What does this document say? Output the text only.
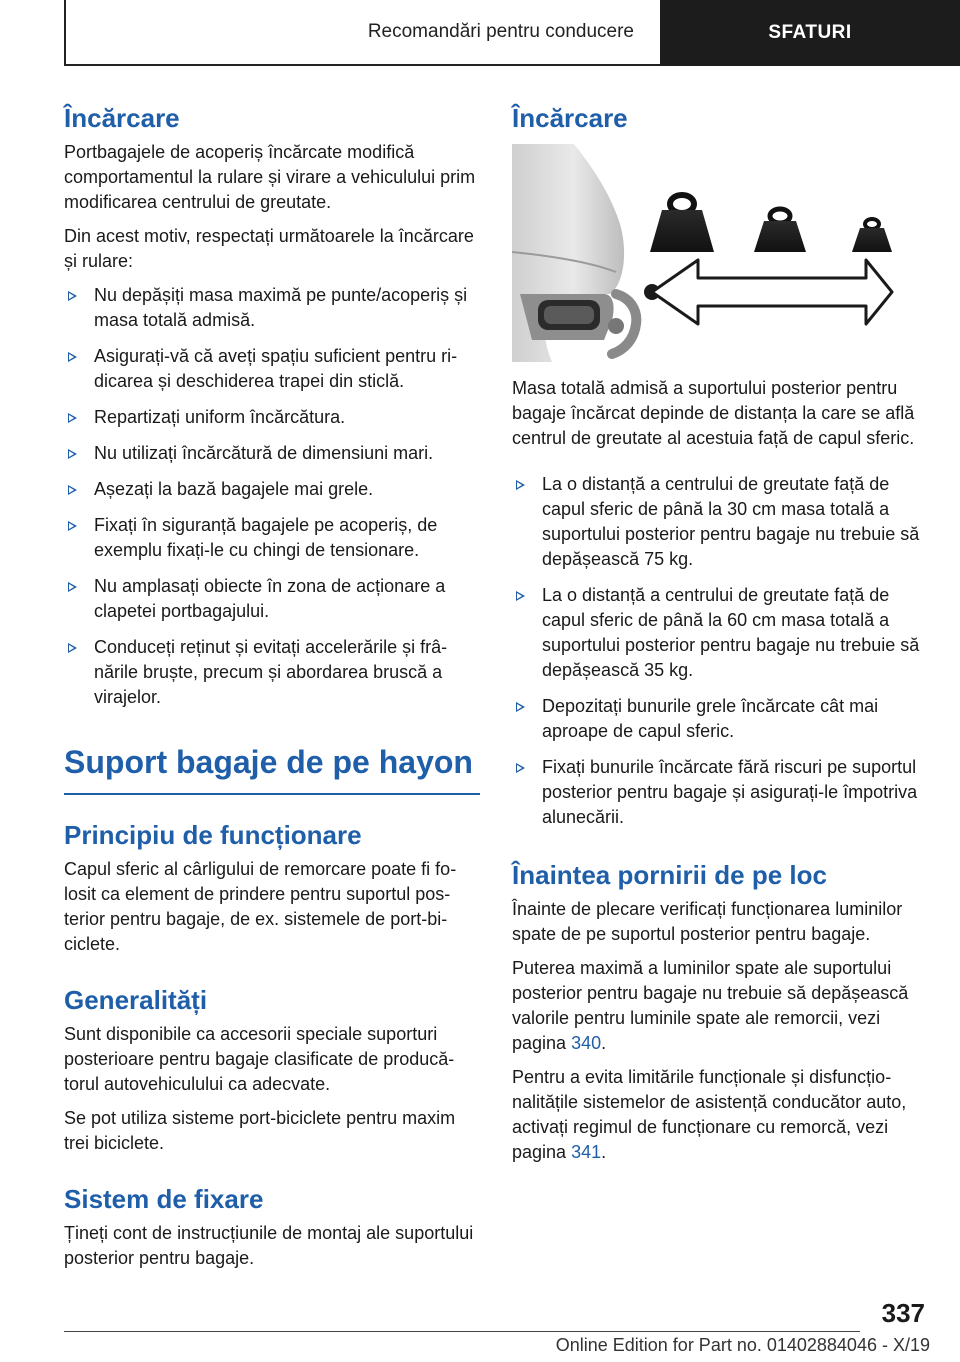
Recomandări pentru conducere	SFATURI
Încărcare

Portbagajele de acoperiș încărcate modifică comportamentul la rulare și virare a vehiculului prim modificarea centrului de greutate.

Din acest motiv, respectați următoarele la încărcare și rulare:

Nu depășiți masa maximă pe punte/acoperiș și masa totală admisă.
Asigurați-vă că aveți spațiu suficient pentru ridicarea și deschiderea trapei din sticlă.
Repartizați uniform încărcătura.
Nu utilizați încărcătură de dimensiuni mari.
Așezați la bază bagajele mai grele.
Fixați în siguranță bagajele pe acoperiș, de exemplu fixați-le cu chingi de tensionare.
Nu amplasați obiecte în zona de acționare a clapetei portbagajului.
Conduceți reținut și evitați accelerările și frânările bruște, precum și abordarea bruscă a virajelor.
Suport bagaje de pe hayon
Principiu de funcționare

Capul sferic al cârligului de remorcare poate fi folosit ca element de prindere pentru suportul posterior pentru bagaje, de ex. sistemele de port-biciclete.

Generalități

Sunt disponibile ca accesorii speciale suporturi posterioare pentru bagaje clasificate de producătorul autovehiculului ca adecvate.

Se pot utiliza sisteme port-biciclete pentru maxim trei biciclete.

Sistem de fixare

Țineți cont de instrucțiunile de montaj ale suportului posterior pentru bagaje.

Încărcare

Masa totală admisă a suportului posterior pentru bagaje încărcat depinde de distanța la care se află centrul de greutate al acestuia față de capul sferic.

La o distanță a centrului de greutate față de capul sferic de până la 30 cm masa totală a suportului posterior pentru bagaje nu trebuie să depășească 75 kg.
La o distanță a centrului de greutate față de capul sferic de până la 60 cm masa totală a suportului posterior pentru bagaje nu trebuie să depășească 35 kg.
Depozitați bunurile grele încărcate cât mai aproape de capul sferic.
Fixați bunurile încărcate fără riscuri pe suportul posterior pentru bagaje și asigurați-le împotriva alunecării.
Înaintea pornirii de pe loc

Înainte de plecare verificați funcționarea luminilor spate de pe suportul posterior pentru bagaje.

Puterea maximă a luminilor spate ale suportului posterior pentru bagaje nu trebuie să depășească valorile pentru luminile spate ale remorcii, vezi pagina 340.

Pentru a evita limitările funcționale și disfuncționalitățile sistemelor de asistență conducător auto, activați regimul de funcționare cu remorcă, vezi pagina 341.

337
Online Edition for Part no. 01402884046 - X/19
